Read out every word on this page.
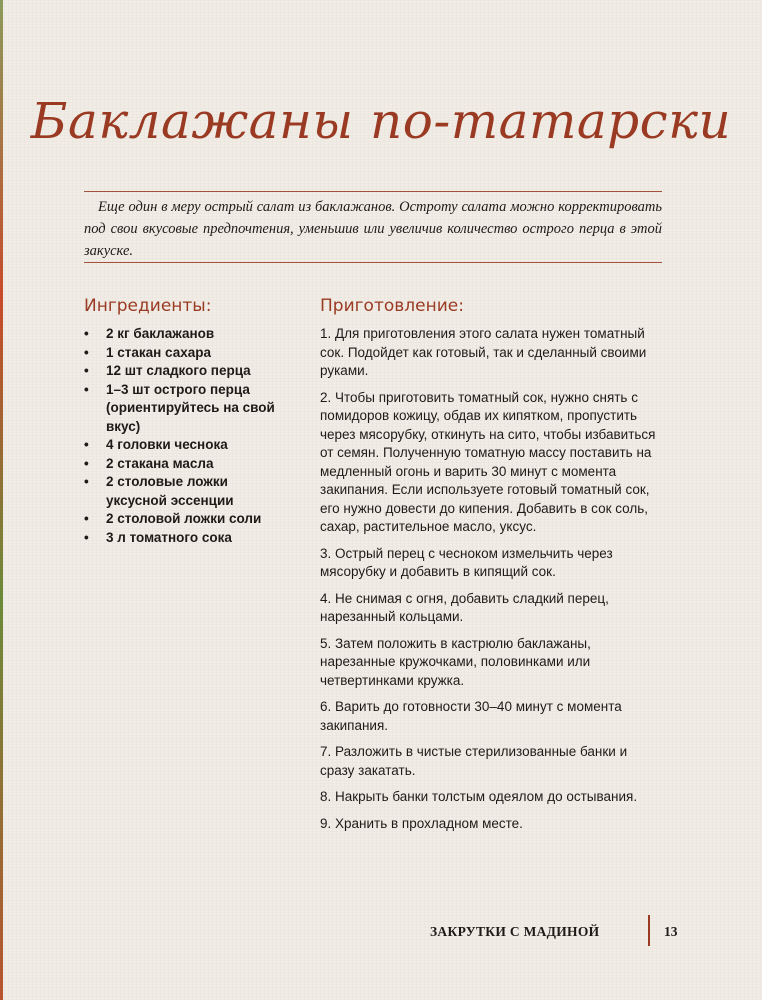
Баклажаны по-татарски

Еще один в меру острый салат из баклажанов. Остроту салата можно корректировать под свои вкусовые предпочтения, уменьшив или увеличив количество острого перца в этой закуске.

Ингредиенты:
• 2 кг баклажанов
• 1 стакан сахара
• 12 шт сладкого перца
• 1–3 шт острого перца (ориентируйтесь на свой вкус)
• 4 головки чеснока
• 2 стакана масла
• 2 столовые ложки уксусной эссенции
• 2 столовой ложки соли
• 3 л томатного сока
Приготовление:

1. Для приготовления этого салата нужен томатный сок. Подойдет как готовый, так и сделанный своими руками.

2. Чтобы приготовить томатный сок, нужно снять с помидоров кожицу, обдав их кипятком, пропустить через мясорубку, откинуть на сито, чтобы избавиться от семян. Полученную томатную массу поставить на медленный огонь и варить 30 минут с момента закипания. Если используете готовый томатный сок, его нужно довести до кипения. Добавить в сок соль, сахар, растительное масло, уксус.

3. Острый перец с чесноком измельчить через мясорубку и добавить в кипящий сок.

4. Не снимая с огня, добавить сладкий перец, нарезанный кольцами.

5. Затем положить в кастрюлю баклажаны, нарезанные кружочками, половинками или четвертинками кружка.

6. Варить до готовности 30–40 минут с момента закипания.

7. Разложить в чистые стерилизованные банки и сразу закатать.

8. Накрыть банки толстым одеялом до остывания.

9. Хранить в прохладном месте.

ЗАКРУТКИ С МАДИНОЙ	13
